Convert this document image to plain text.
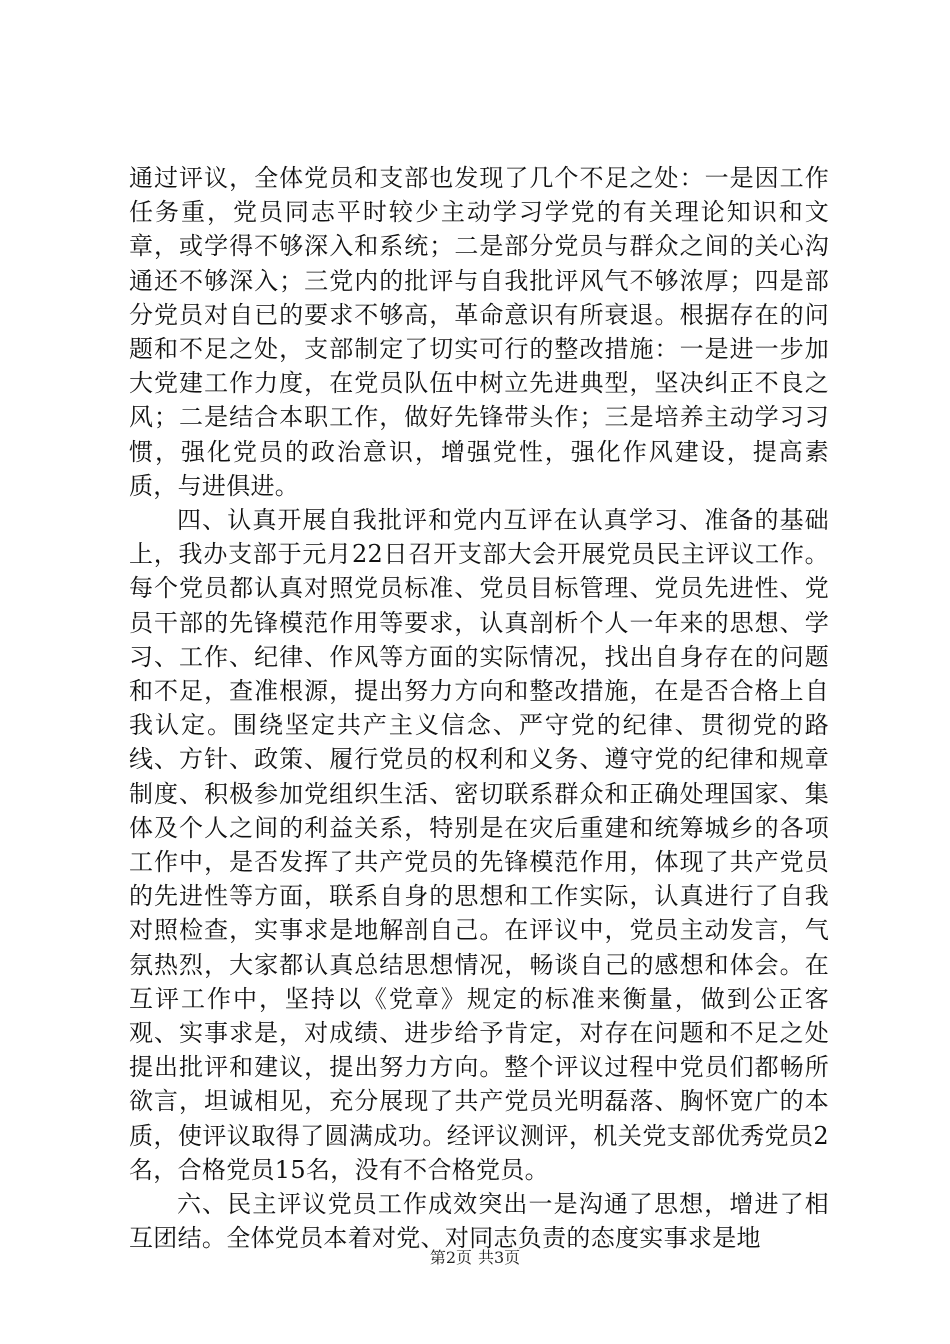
通过评议，全体党员和支部也发现了几个不足之处：一是因工作任务重，党员同志平时较少主动学习学党的有关理论知识和文章，或学得不够深入和系统；二是部分党员与群众之间的关心沟通还不够深入；三党内的批评与自我批评风气不够浓厚；四是部分党员对自已的要求不够高，革命意识有所衰退。根据存在的问题和不足之处，支部制定了切实可行的整改措施：一是进一步加大党建工作力度，在党员队伍中树立先进典型，坚决纠正不良之风；二是结合本职工作，做好先锋带头作；三是培养主动学习习惯，强化党员的政治意识，增强党性，强化作风建设，提高素质，与进俱进。

四、认真开展自我批评和党内互评在认真学习、准备的基础上，我办支部于元月22日召开支部大会开展党员民主评议工作。每个党员都认真对照党员标准、党员目标管理、党员先进性、党员干部的先锋模范作用等要求，认真剖析个人一年来的思想、学习、工作、纪律、作风等方面的实际情况，找出自身存在的问题和不足，查准根源，提出努力方向和整改措施，在是否合格上自我认定。围绕坚定共产主义信念、严守党的纪律、贯彻党的路线、方针、政策、履行党员的权利和义务、遵守党的纪律和规章制度、积极参加党组织生活、密切联系群众和正确处理国家、集体及个人之间的利益关系，特别是在灾后重建和统筹城乡的各项工作中，是否发挥了共产党员的先锋模范作用，体现了共产党员的先进性等方面，联系自身的思想和工作实际，认真进行了自我对照检查，实事求是地解剖自己。在评议中，党员主动发言，气氛热烈，大家都认真总结思想情况，畅谈自己的感想和体会。在互评工作中，坚持以《党章》规定的标准来衡量，做到公正客观、实事求是，对成绩、进步给予肯定，对存在问题和不足之处提出批评和建议，提出努力方向。整个评议过程中党员们都畅所欲言，坦诚相见，充分展现了共产党员光明磊落、胸怀宽广的本质，使评议取得了圆满成功。经评议测评，机关党支部优秀党员2名，合格党员15名，没有不合格党员。

六、民主评议党员工作成效突出一是沟通了思想，增进了相互团结。全体党员本着对党、对同志负责的态度实事求是地

第2页 共3页
